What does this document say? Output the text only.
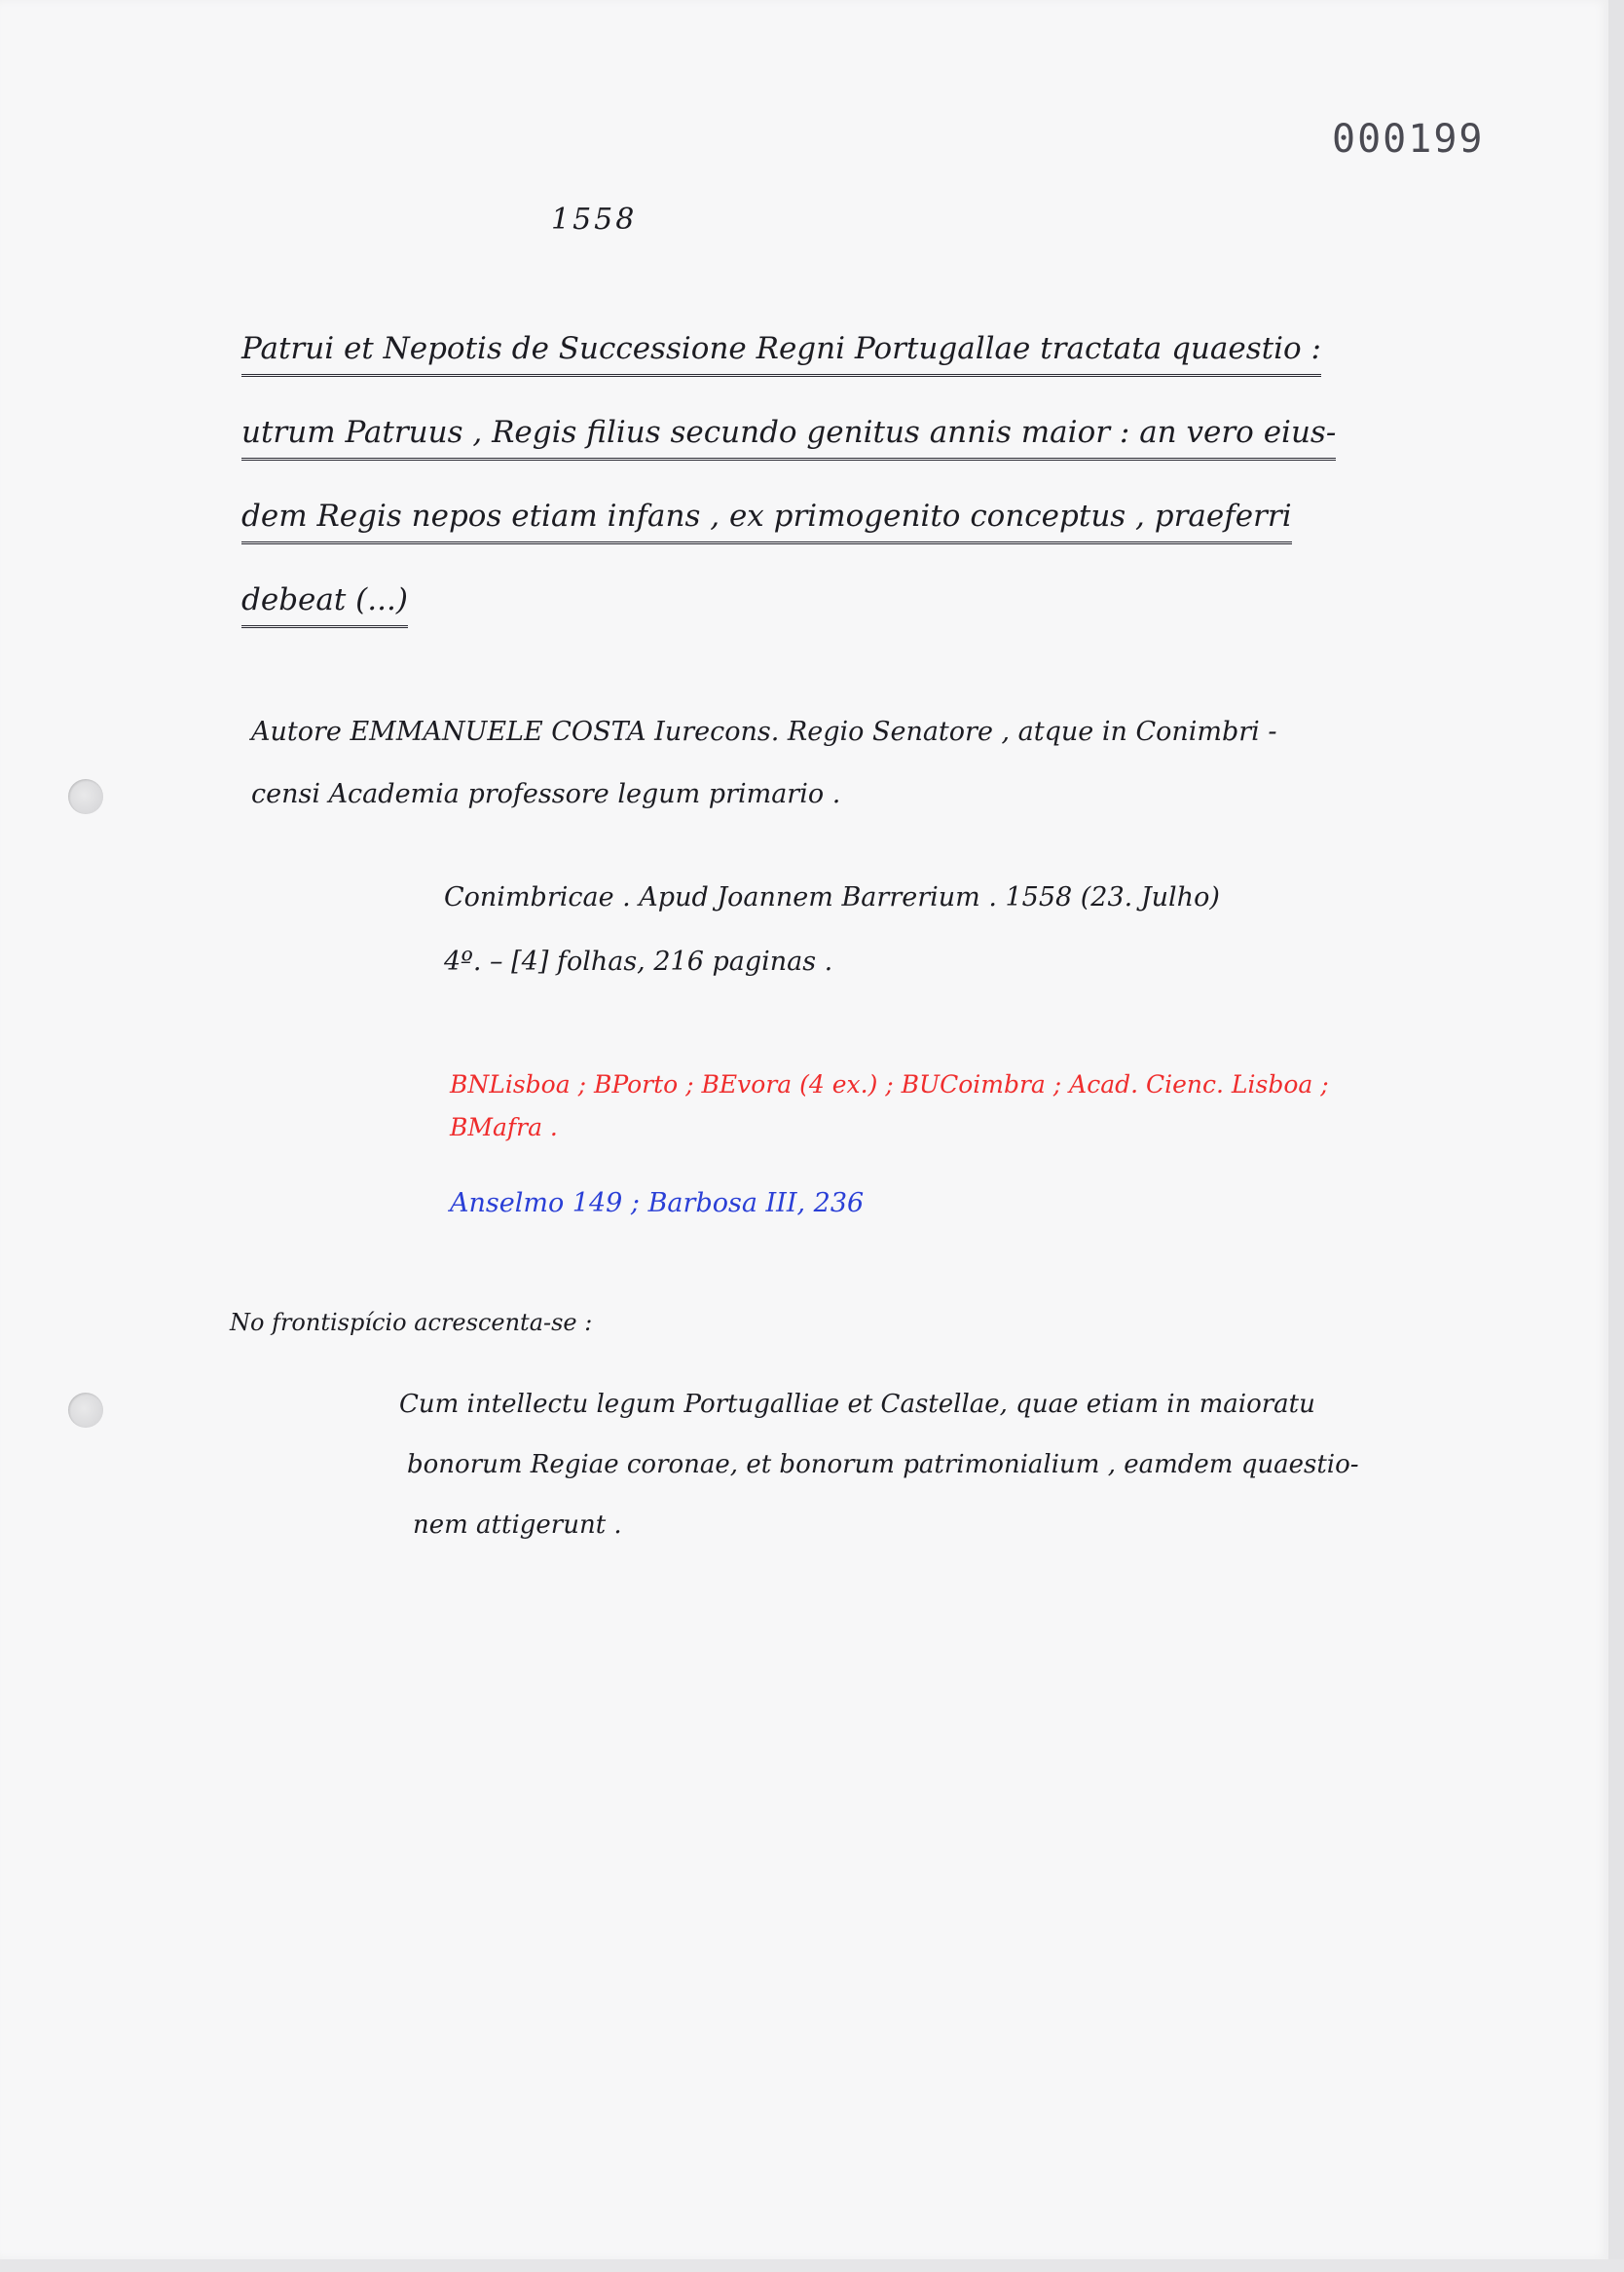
000199
1558
Patrui et Nepotis de Successione Regni Portugallae tractata quaestio :
utrum Patruus , Regis filius secundo genitus annis maior : an vero eius-
dem Regis nepos etiam infans , ex primogenito conceptus , praeferri
debeat (...)
Autore EMMANUELE COSTA Iurecons. Regio Senatore , atque in Conimbri -
censi Academia professore legum primario .
Conimbricae . Apud Joannem Barrerium . 1558 (23. Julho)
4º. – [4] folhas, 216 paginas .
BNLisboa ; BPorto ; BEvora (4 ex.) ; BUCoimbra ; Acad. Cienc. Lisboa ;
BMafra .
Anselmo 149 ; Barbosa III, 236
No frontispício acrescenta-se :
Cum intellectu legum Portugalliae et Castellae, quae etiam in maioratu
bonorum Regiae coronae, et bonorum patrimonialium , eamdem quaestio-
nem attigerunt .
